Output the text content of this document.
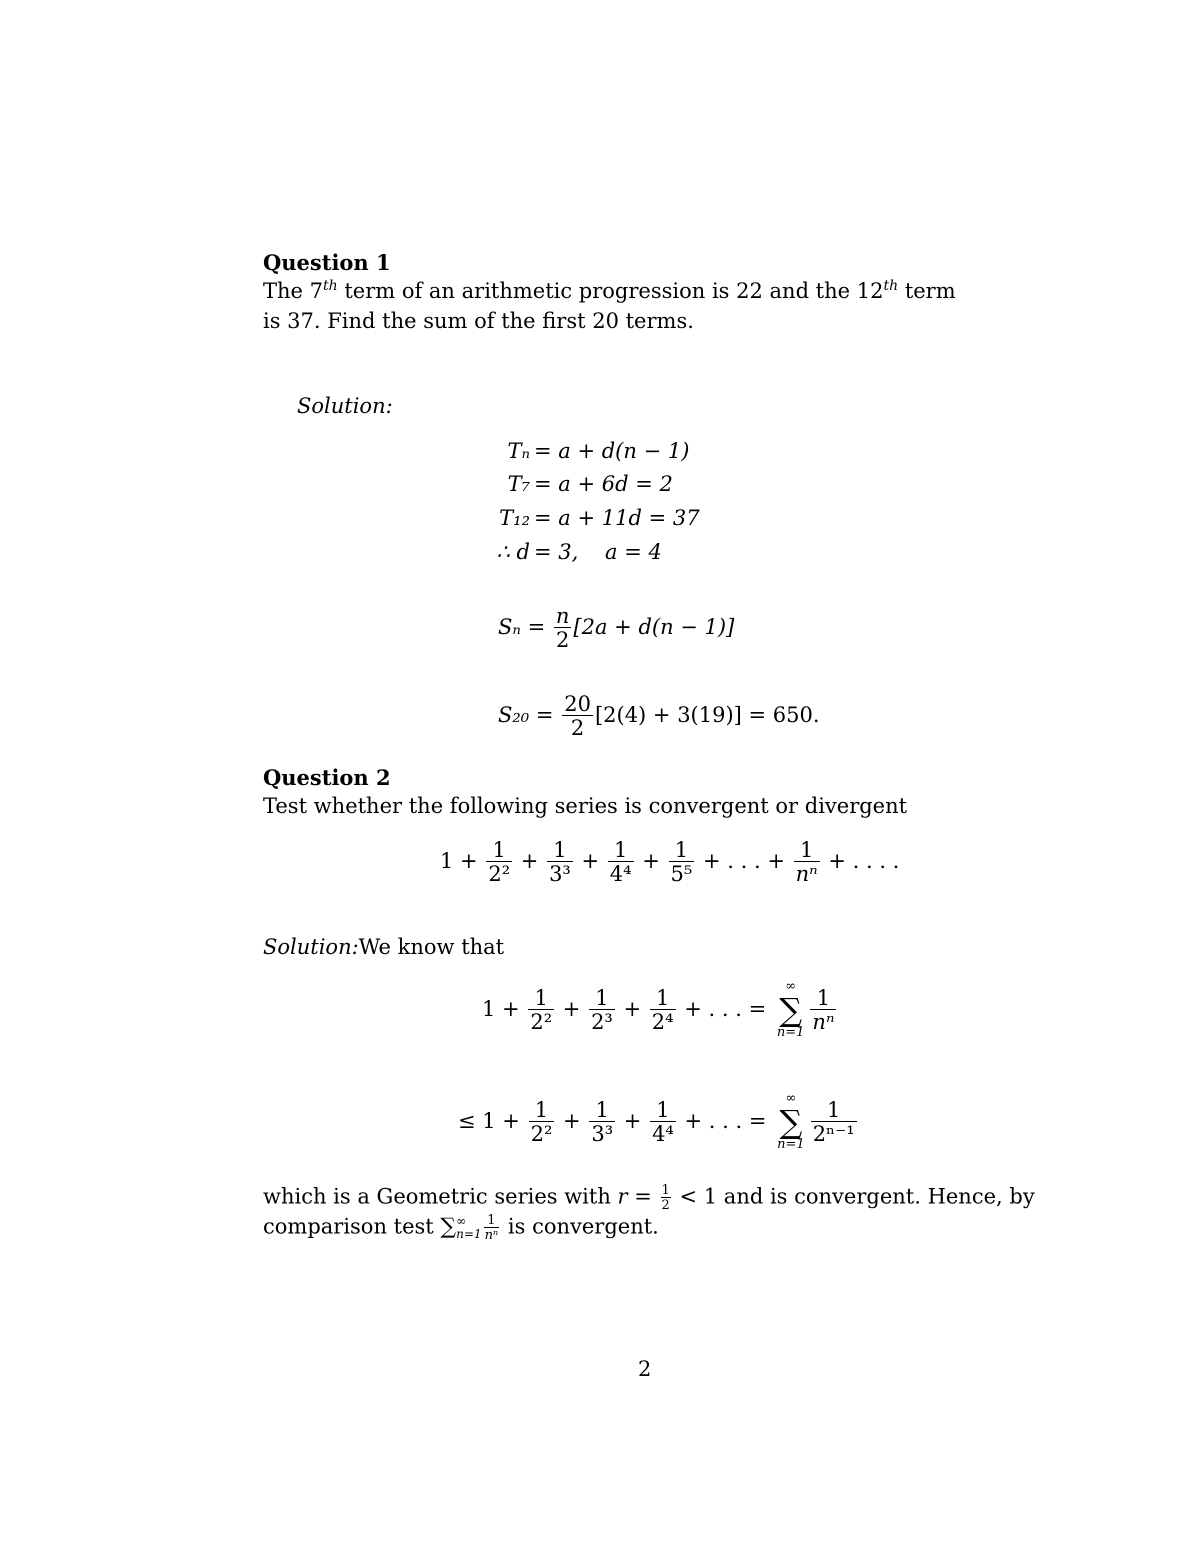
Question 1
The 7th term of an arithmetic progression is 22 and the 12th term
is 37. Find the sum of the first 20 terms.
Solution:
Tₙ = a + d(n − 1)
T₇ = a + 6d = 2
T₁₂ = a + 11d = 37
∴ d = 3,    a = 4
$S_n = \frac{n}{2} [2a + d(n - 1)]$
$S_{20} = \frac{20}{2} [2(4) + 3(19)] = 650$.
Question 2
Test whether the following series is convergent or divergent
$1 + \frac{1}{\text{2²}} + \frac{1}{\text{3³}} + \frac{1}{\text{4⁴}} + \frac{1}{\text{5⁵}}$ + . . . + $\frac{1}{\text{nⁿ}}$ + . . . .
Solution:We know that
$1 + \frac{1}{\text{2²}} + \frac{1}{\text{2³}} + \frac{1}{\text{2⁴}}$ + . . . =
∞
∑
$n=1 \frac{1}{\text{nⁿ}}$
≤ $1 + \frac{1}{\text{2²}} + \frac{1}{\text{3³}} + \frac{1}{\text{4⁴}}$ + . . . =
∞
∑
$n=1 \frac{1}{\text{2ⁿ⁻¹}}$
which is a Geometric series with $r = \frac{1}{2} < 1$ and is convergent. Hence, by
comparison test ∑ ∞
$n=1 \frac{1}{\text{nⁿ}}$ is convergent.
2
